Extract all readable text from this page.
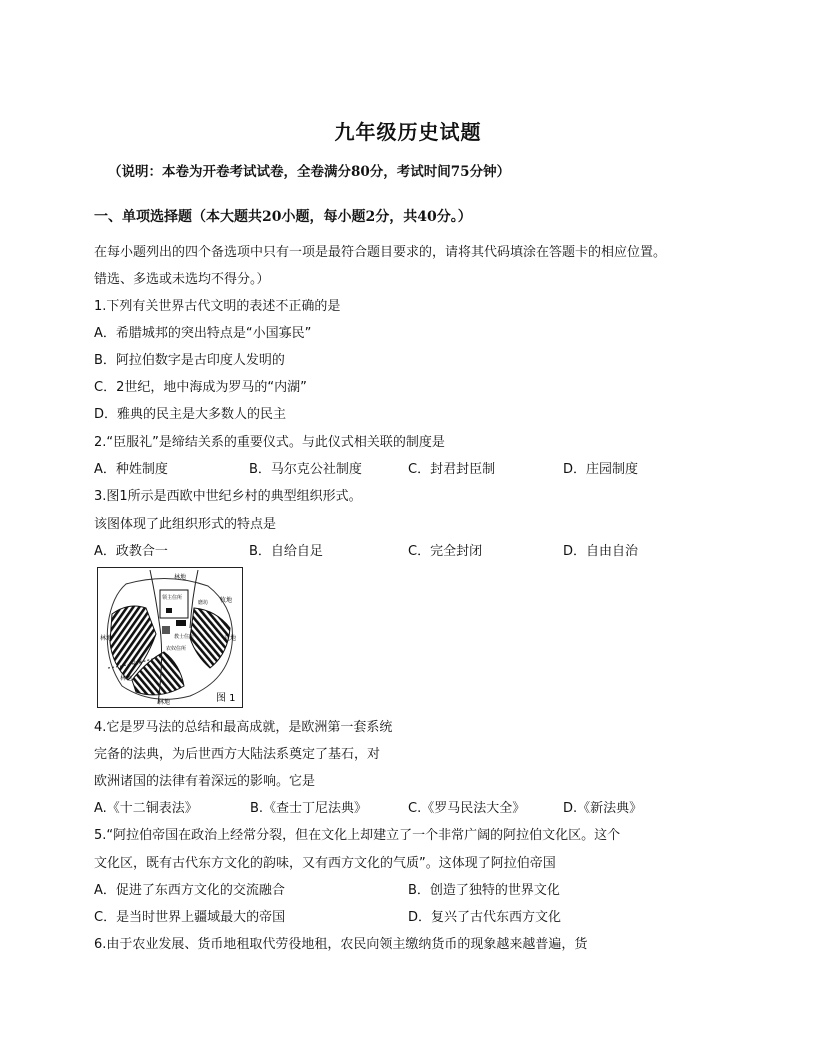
九年级历史试题
（说明：本卷为开卷考试试卷，全卷满分80分，考试时间75分钟）
一、单项选择题（本大题共20小题，每小题2分，共40分。）
在每小题列出的四个备选项中只有一项是最符合题目要求的，请将其代码填涂在答题卡的相应位置。
错选、多选或未选均不得分。）
1.下列有关世界古代文明的表述不正确的是
A．希腊城邦的突出特点是“小国寡民”
B．阿拉伯数字是古印度人发明的
C．2世纪，地中海成为罗马的“内湖”
D．雅典的民主是大多数人的民主
2.“臣服礼”是缔结关系的重要仪式。与此仪式相关联的制度是
A．种姓制度	B．马尔克公社制度	C．封君封臣制	D．庄园制度
3.图1所示是西欧中世纪乡村的典型组织形式。
该图体现了此组织形式的特点是
A．政教合一	B．自给自足	C．完全封闭	D．自由自治
林地
领主住所	牧地
磨坊
教士住所
农奴住所
林地
小溪
荒地
林地
林地	图 1
4.它是罗马法的总结和最高成就，是欧洲第一套系统
完备的法典，为后世西方大陆法系奠定了基石，对
欧洲诸国的法律有着深远的影响。它是
A.《十二铜表法》	B.《查士丁尼法典》	C.《罗马民法大全》	D.《新法典》
5.“阿拉伯帝国在政治上经常分裂，但在文化上却建立了一个非常广阔的阿拉伯文化区。这个
文化区，既有古代东方文化的韵味，又有西方文化的气质”。这体现了阿拉伯帝国
A．促进了东西方文化的交流融合	B．创造了独特的世界文化
C．是当时世界上疆域最大的帝国	D．复兴了古代东西方文化
6.由于农业发展、货币地租取代劳役地租，农民向领主缴纳货币的现象越来越普遍，货
